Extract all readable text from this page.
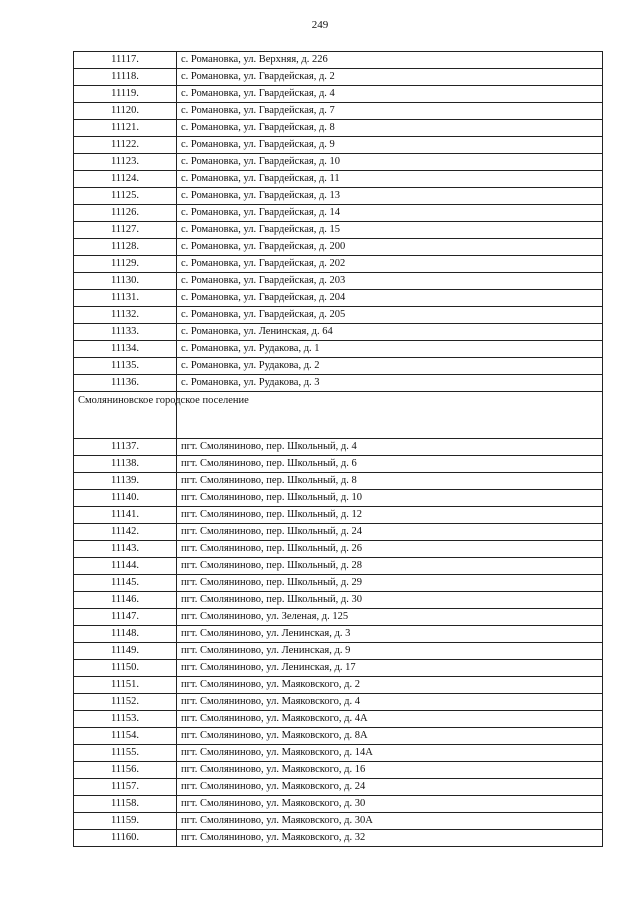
249
11117.	с. Романовка, ул. Верхняя, д. 226
11118.	с. Романовка, ул. Гвардейская, д. 2
11119.	с. Романовка, ул. Гвардейская, д. 4
11120.	с. Романовка, ул. Гвардейская, д. 7
11121.	с. Романовка, ул. Гвардейская, д. 8
11122.	с. Романовка, ул. Гвардейская, д. 9
11123.	с. Романовка, ул. Гвардейская, д. 10
11124.	с. Романовка, ул. Гвардейская, д. 11
11125.	с. Романовка, ул. Гвардейская, д. 13
11126.	с. Романовка, ул. Гвардейская, д. 14
11127.	с. Романовка, ул. Гвардейская, д. 15
11128.	с. Романовка, ул. Гвардейская, д. 200
11129.	с. Романовка, ул. Гвардейская, д. 202
11130.	с. Романовка, ул. Гвардейская, д. 203
11131.	с. Романовка, ул. Гвардейская, д. 204
11132.	с. Романовка, ул. Гвардейская, д. 205
11133.	с. Романовка, ул. Ленинская, д. 64
11134.	с. Романовка, ул. Рудакова, д. 1
11135.	с. Романовка, ул. Рудакова, д. 2
11136.	с. Романовка, ул. Рудакова, д. 3
Смоляниновское городское поселение	
11137.	пгт. Смоляниново, пер. Школьный, д. 4
11138.	пгт. Смоляниново, пер. Школьный, д. 6
11139.	пгт. Смоляниново, пер. Школьный, д. 8
11140.	пгт. Смоляниново, пер. Школьный, д. 10
11141.	пгт. Смоляниново, пер. Школьный, д. 12
11142.	пгт. Смоляниново, пер. Школьный, д. 24
11143.	пгт. Смоляниново, пер. Школьный, д. 26
11144.	пгт. Смоляниново, пер. Школьный, д. 28
11145.	пгт. Смоляниново, пер. Школьный, д. 29
11146.	пгт. Смоляниново, пер. Школьный, д. 30
11147.	пгт. Смоляниново, ул. Зеленая, д. 125
11148.	пгт. Смоляниново, ул. Ленинская, д. 3
11149.	пгт. Смоляниново, ул. Ленинская, д. 9
11150.	пгт. Смоляниново, ул. Ленинская, д. 17
11151.	пгт. Смоляниново, ул. Маяковского, д. 2
11152.	пгт. Смоляниново, ул. Маяковского, д. 4
11153.	пгт. Смоляниново, ул. Маяковского, д. 4А
11154.	пгт. Смоляниново, ул. Маяковского, д. 8А
11155.	пгт. Смоляниново, ул. Маяковского, д. 14А
11156.	пгт. Смоляниново, ул. Маяковского, д. 16
11157.	пгт. Смоляниново, ул. Маяковского, д. 24
11158.	пгт. Смоляниново, ул. Маяковского, д. 30
11159.	пгт. Смоляниново, ул. Маяковского, д. 30А
11160.	пгт. Смоляниново, ул. Маяковского, д. 32
